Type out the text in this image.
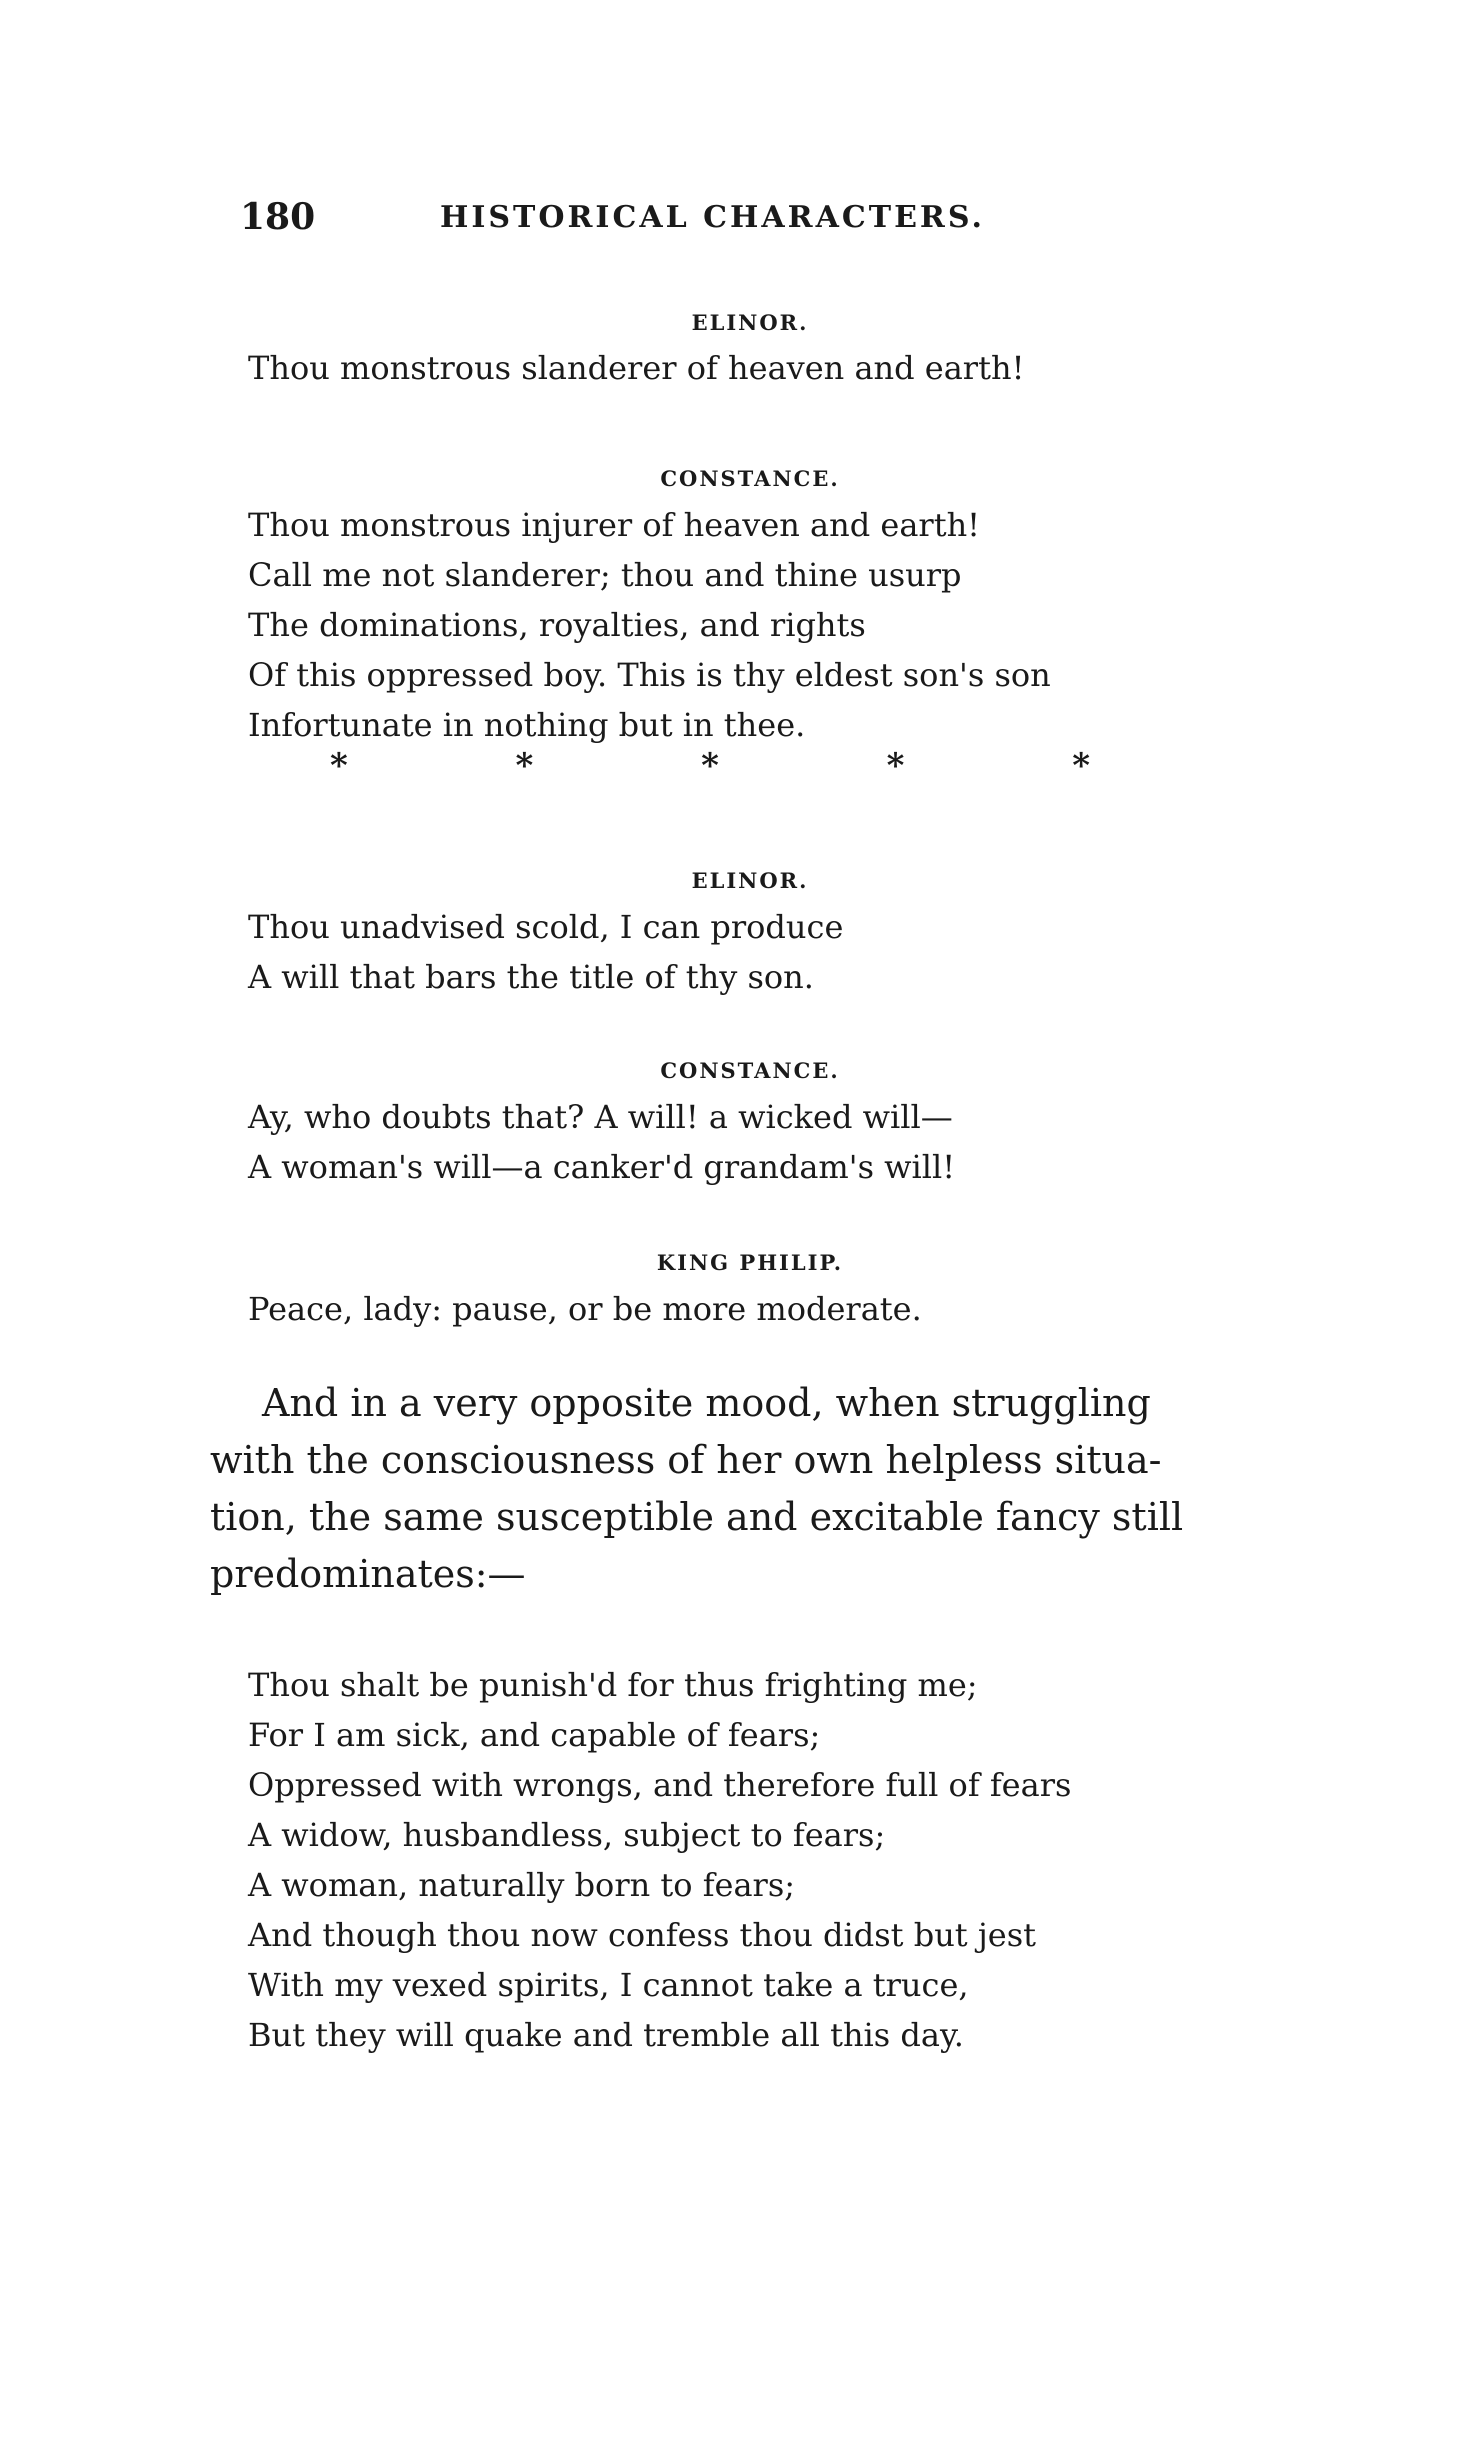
180	HISTORICAL CHARACTERS.
ELINOR.
Thou monstrous slanderer of heaven and earth!
CONSTANCE.
Thou monstrous injurer of heaven and earth!
Call me not slanderer; thou and thine usurp
The dominations, royalties, and rights
Of this oppressed boy. This is thy eldest son's son
Infortunate in nothing but in thee.
*	*	*	*	*
ELINOR.
Thou unadvised scold, I can produce
A will that bars the title of thy son.
CONSTANCE.
Ay, who doubts that? A will! a wicked will—
A woman's will—a canker'd grandam's will!
KING PHILIP.
Peace, lady: pause, or be more moderate.
And in a very opposite mood, when struggling
with the consciousness of her own helpless situa-
tion, the same susceptible and excitable fancy still
predominates:—
Thou shalt be punish'd for thus frighting me;
For I am sick, and capable of fears;
Oppressed with wrongs, and therefore full of fears
A widow, husbandless, subject to fears;
A woman, naturally born to fears;
And though thou now confess thou didst but jest
With my vexed spirits, I cannot take a truce,
But they will quake and tremble all this day.
